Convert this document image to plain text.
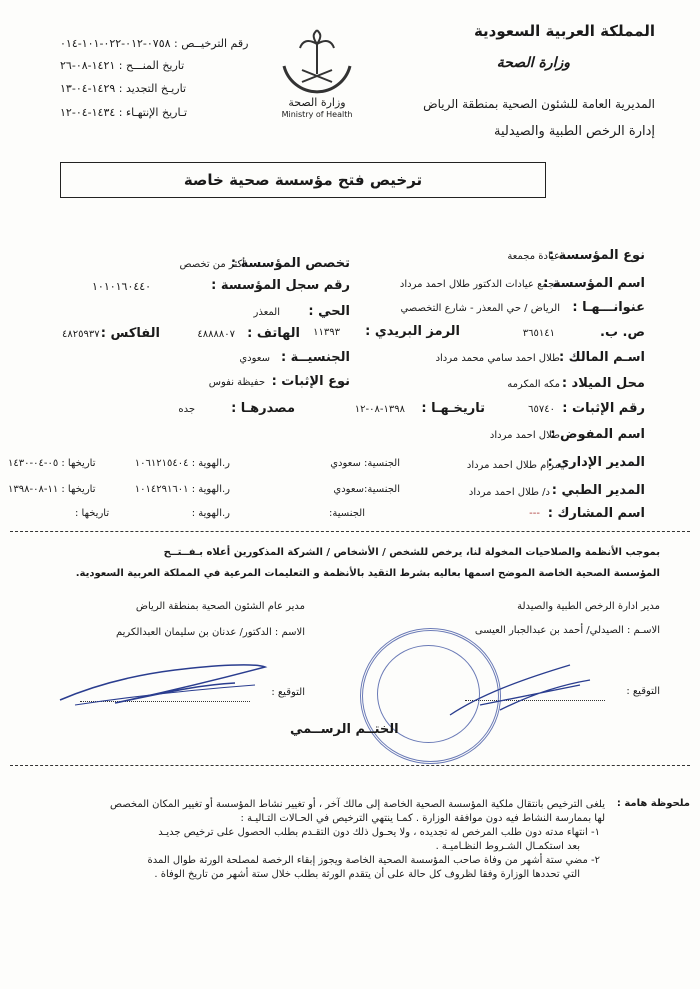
المملكة العربية السعودية
وزارة الصحة
المديرية العامة للشئون الصحية بمنطقة الرياض
إدارة الرخص الطبية والصيدلية
وزارة الصحة
Ministry of Health
رقم الترخيــص : ٠٧٥٨-٠١٢-٠٢٢-١٠١-٠١٤
تاريخ المنـــح : ١٤٢١-٠٨-٢٦
تاريـخ التجديد : ١٤٢٩-٠٤-١٣
تـاريخ الإنتهـاء : ١٤٣٤-٠٤-١٢
ترخيص فتح مؤسسة صحية خاصة
نوع المؤسسة :
عيادة مجمعة
تخصص المؤسسة :
أكثر من تخصص
اسم المؤسسة :
مجمع عيادات الدكتور طلال احمد مرداد
رقم سجل المؤسسة :
١٠١٠١٦٠٤٤٠
عنوانـــهـا :
الرياض / حي المعذر - شارع التخصصي
الحي :
المعذر
ص. ب.
٣٦٥١٤١
الرمز البريدي :
١١٣٩٣
الهاتف :
٤٨٨٨٨٠٧
الفاكس :
٤٨٢٥٩٣٧
اسـم المالك :
طلال احمد سامي محمد مرداد
الجنسيــة :
سعودي
محل الميلاد :
مكه المكرمه
نوع الإثبات :
حفيظة نفوس
رقم الإثبات :
٦٥٧٤٠
تاريخـهـا :
١٣٩٨-٠٨-١٢
مصدرهـا :
جده
اسم المفوض :
طلال احمد مرداد
المدير الإداري :
مرام طلال احمد مرداد
الجنسية: سعودي
ر.الهوية : ١٠٦١٢١٥٤٠٤
تاريخها : ٠٥-٠٤-١٤٣٠
المدير الطبي :
د/ طلال احمد مرداد
الجنسية:سعودي
ر.الهوية : ١٠١٤٢٩١٦٠١
تاريخها : ١١-٠٨-١٣٩٨
اسم المشارك :
---
الجنسية:
ر.الهوية :
تاريخها :
بموجب الأنظمة والصلاحيات المخولة لنا، يرخص للشخص / الأشخاص / الشركة المذكورين أعلاه بـفــتــح
المؤسسة الصحية الخاصة الموضح اسمها بعاليه بشرط التقيد بالأنظمة و التعليمات المرعية في المملكة العربية السعودية.
مدير ادارة الرخص الطبية والصيدلة
الاسـم : الصيدلي/ أحمد بن عبدالجبار العيسى
التوقيع :
مدير عام الشئون الصحية بمنطقة الرياض
الاسم : الدكتور/ عدنان بن سليمان العبدالكريم
التوقيع :
الختــم الرســمي
ملحوظة هامة :
يلغى الترخيص بانتقال ملكية المؤسسة الصحية الخاصة إلى مالك آخر ، أو تغيير نشاط المؤسسة أو تغيير المكان المخصص
لها بممارسة النشاط فيه دون موافقة الوزارة . كمـا ينتهي الترخيص في الحـالات التـاليـة :
١- انتهاء مدته دون طلب المرخص له تجديده ، ولا يحـول ذلك دون التقـدم بطلب الحصول على ترخيص جديـد
بعد استكمـال الشـروط النظـاميـة .
٢- مضي ستة أشهر من وفاة صاحب المؤسسة الصحية الخاصة ويجوز إبقاء الرخصة لمصلحة الورثة طوال المدة
التي تحددها الوزارة وفقا لظروف كل حالة على أن يتقدم الورثة بطلب خلال ستة أشهر من تاريخ الوفاة .
